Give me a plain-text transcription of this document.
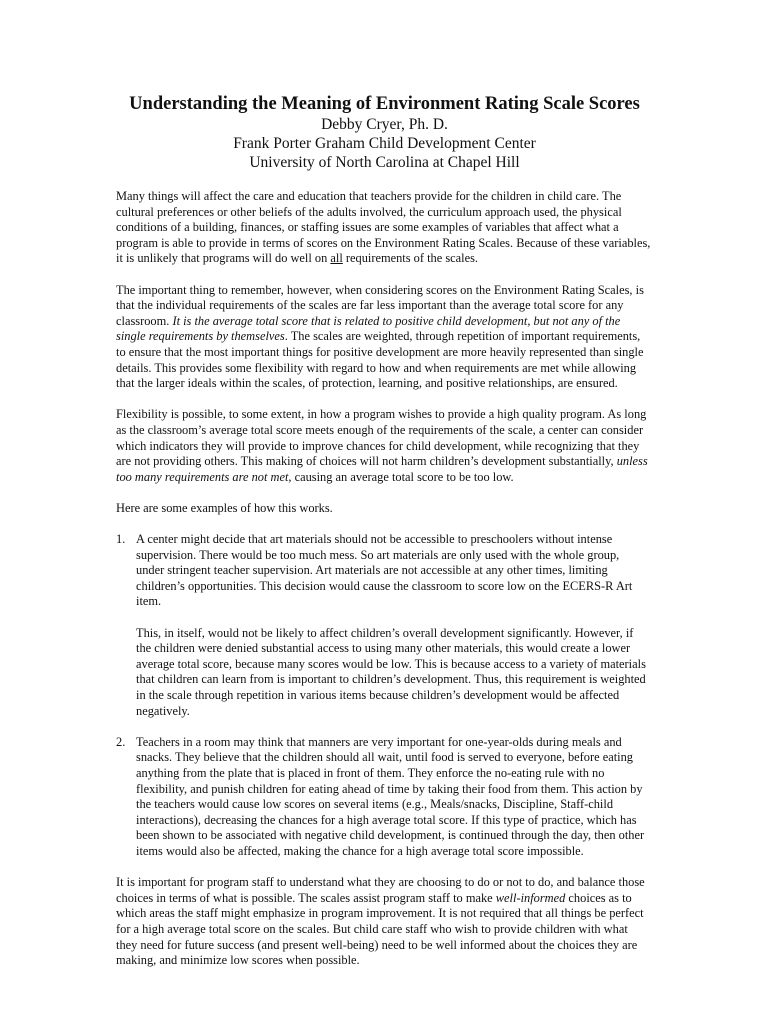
Understanding the Meaning of Environment Rating Scale Scores

Debby Cryer, Ph. D.

Frank Porter Graham Child Development Center

University of North Carolina at Chapel Hill

Many things will affect the care and education that teachers provide for the children in child care. The
cultural preferences or other beliefs of the adults involved, the curriculum approach used, the physical
conditions of a building, finances, or staffing issues are some examples of variables that affect what a
program is able to provide in terms of scores on the Environment Rating Scales. Because of these variables,
it is unlikely that programs will do well on all requirements of the scales.

The important thing to remember, however, when considering scores on the Environment Rating Scales, is
that the individual requirements of the scales are far less important than the average total score for any
classroom. It is the average total score that is related to positive child development, but not any of the
single requirements by themselves. The scales are weighted, through repetition of important requirements,
to ensure that the most important things for positive development are more heavily represented than single
details. This provides some flexibility with regard to how and when requirements are met while allowing
that the larger ideals within the scales, of protection, learning, and positive relationships, are ensured.

Flexibility is possible, to some extent, in how a program wishes to provide a high quality program. As long
as the classroom’s average total score meets enough of the requirements of the scale, a center can consider
which indicators they will provide to improve chances for child development, while recognizing that they
are not providing others. This making of choices will not harm children’s development substantially, unless
too many requirements are not met, causing an average total score to be too low.

Here are some examples of how this works.

1. A center might decide that art materials should not be accessible to preschoolers without intense
supervision. There would be too much mess. So art materials are only used with the whole group,
under stringent teacher supervision. Art materials are not accessible at any other times, limiting
children’s opportunities. This decision would cause the classroom to score low on the ECERS-R Art
item.

This, in itself, would not be likely to affect children’s overall development significantly. However, if
the children were denied substantial access to using many other materials, this would create a lower
average total score, because many scores would be low. This is because access to a variety of materials
that children can learn from is important to children’s development. Thus, this requirement is weighted
in the scale through repetition in various items because children’s development would be affected
negatively.

2. Teachers in a room may think that manners are very important for one-year-olds during meals and
snacks. They believe that the children should all wait, until food is served to everyone, before eating
anything from the plate that is placed in front of them. They enforce the no-eating rule with no
flexibility, and punish children for eating ahead of time by taking their food from them. This action by
the teachers would cause low scores on several items (e.g., Meals/snacks, Discipline, Staff-child
interactions), decreasing the chances for a high average total score. If this type of practice, which has
been shown to be associated with negative child development, is continued through the day, then other
items would also be affected, making the chance for a high average total score impossible.

It is important for program staff to understand what they are choosing to do or not to do, and balance those
choices in terms of what is possible. The scales assist program staff to make well-informed choices as to
which areas the staff might emphasize in program improvement. It is not required that all things be perfect
for a high average total score on the scales. But child care staff who wish to provide children with what
they need for future success (and present well-being) need to be well informed about the choices they are
making, and minimize low scores when possible.
